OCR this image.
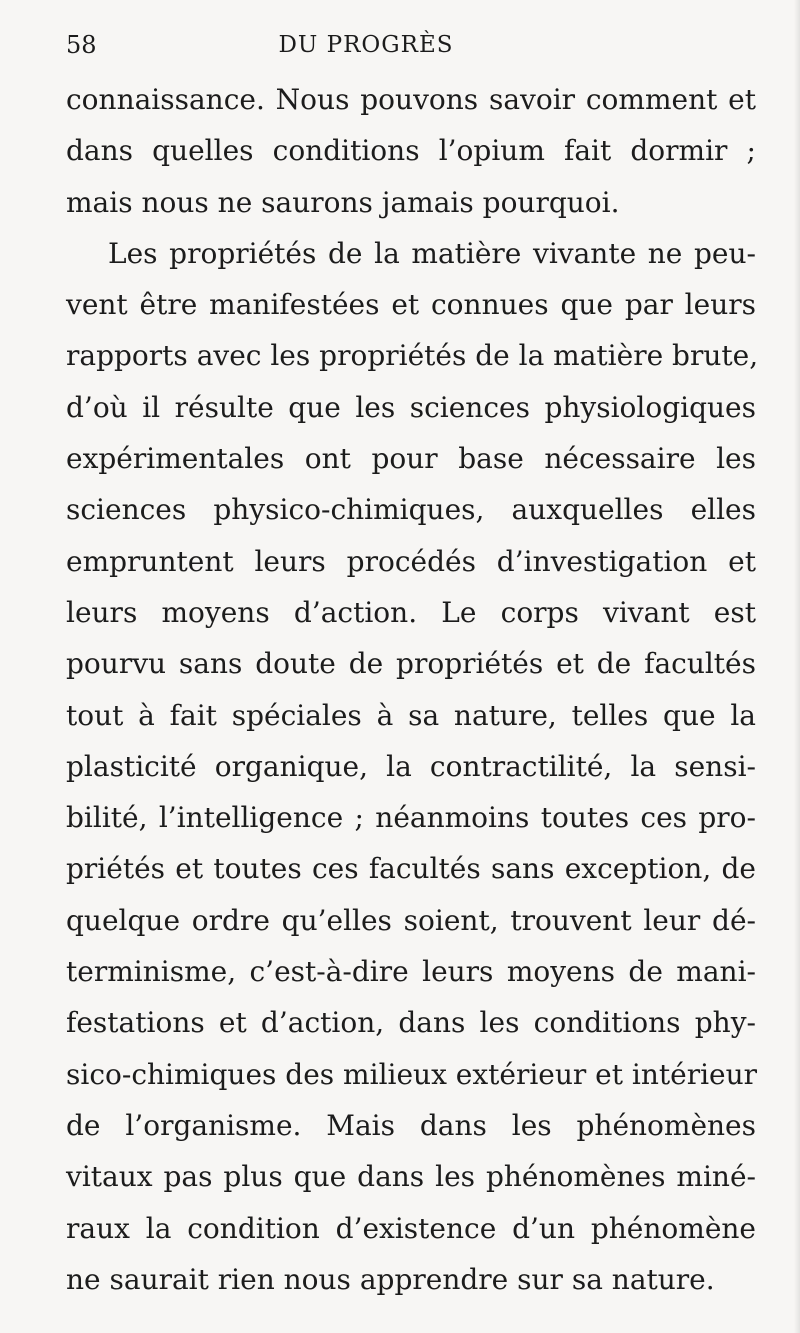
58	DU PROGRÈS
connaissance. Nous pouvons savoir comment et
dans quelles conditions l’opium fait dormir ;
mais nous ne saurons jamais pourquoi.
Les propriétés de la matière vivante ne peu-
vent être manifestées et connues que par leurs
rapports avec les propriétés de la matière brute,
d’où il résulte que les sciences physiologiques
expérimentales ont pour base nécessaire les
sciences physico-chimiques, auxquelles elles
empruntent leurs procédés d’investigation et
leurs moyens d’action. Le corps vivant est
pourvu sans doute de propriétés et de facultés
tout à fait spéciales à sa nature, telles que la
plasticité organique, la contractilité, la sensi-
bilité, l’intelligence ; néanmoins toutes ces pro-
priétés et toutes ces facultés sans exception, de
quelque ordre qu’elles soient, trouvent leur dé-
terminisme, c’est-à-dire leurs moyens de mani-
festations et d’action, dans les conditions phy-
sico-chimiques des milieux extérieur et intérieur
de l’organisme. Mais dans les phénomènes
vitaux pas plus que dans les phénomènes miné-
raux la condition d’existence d’un phénomène
ne saurait rien nous apprendre sur sa nature.
